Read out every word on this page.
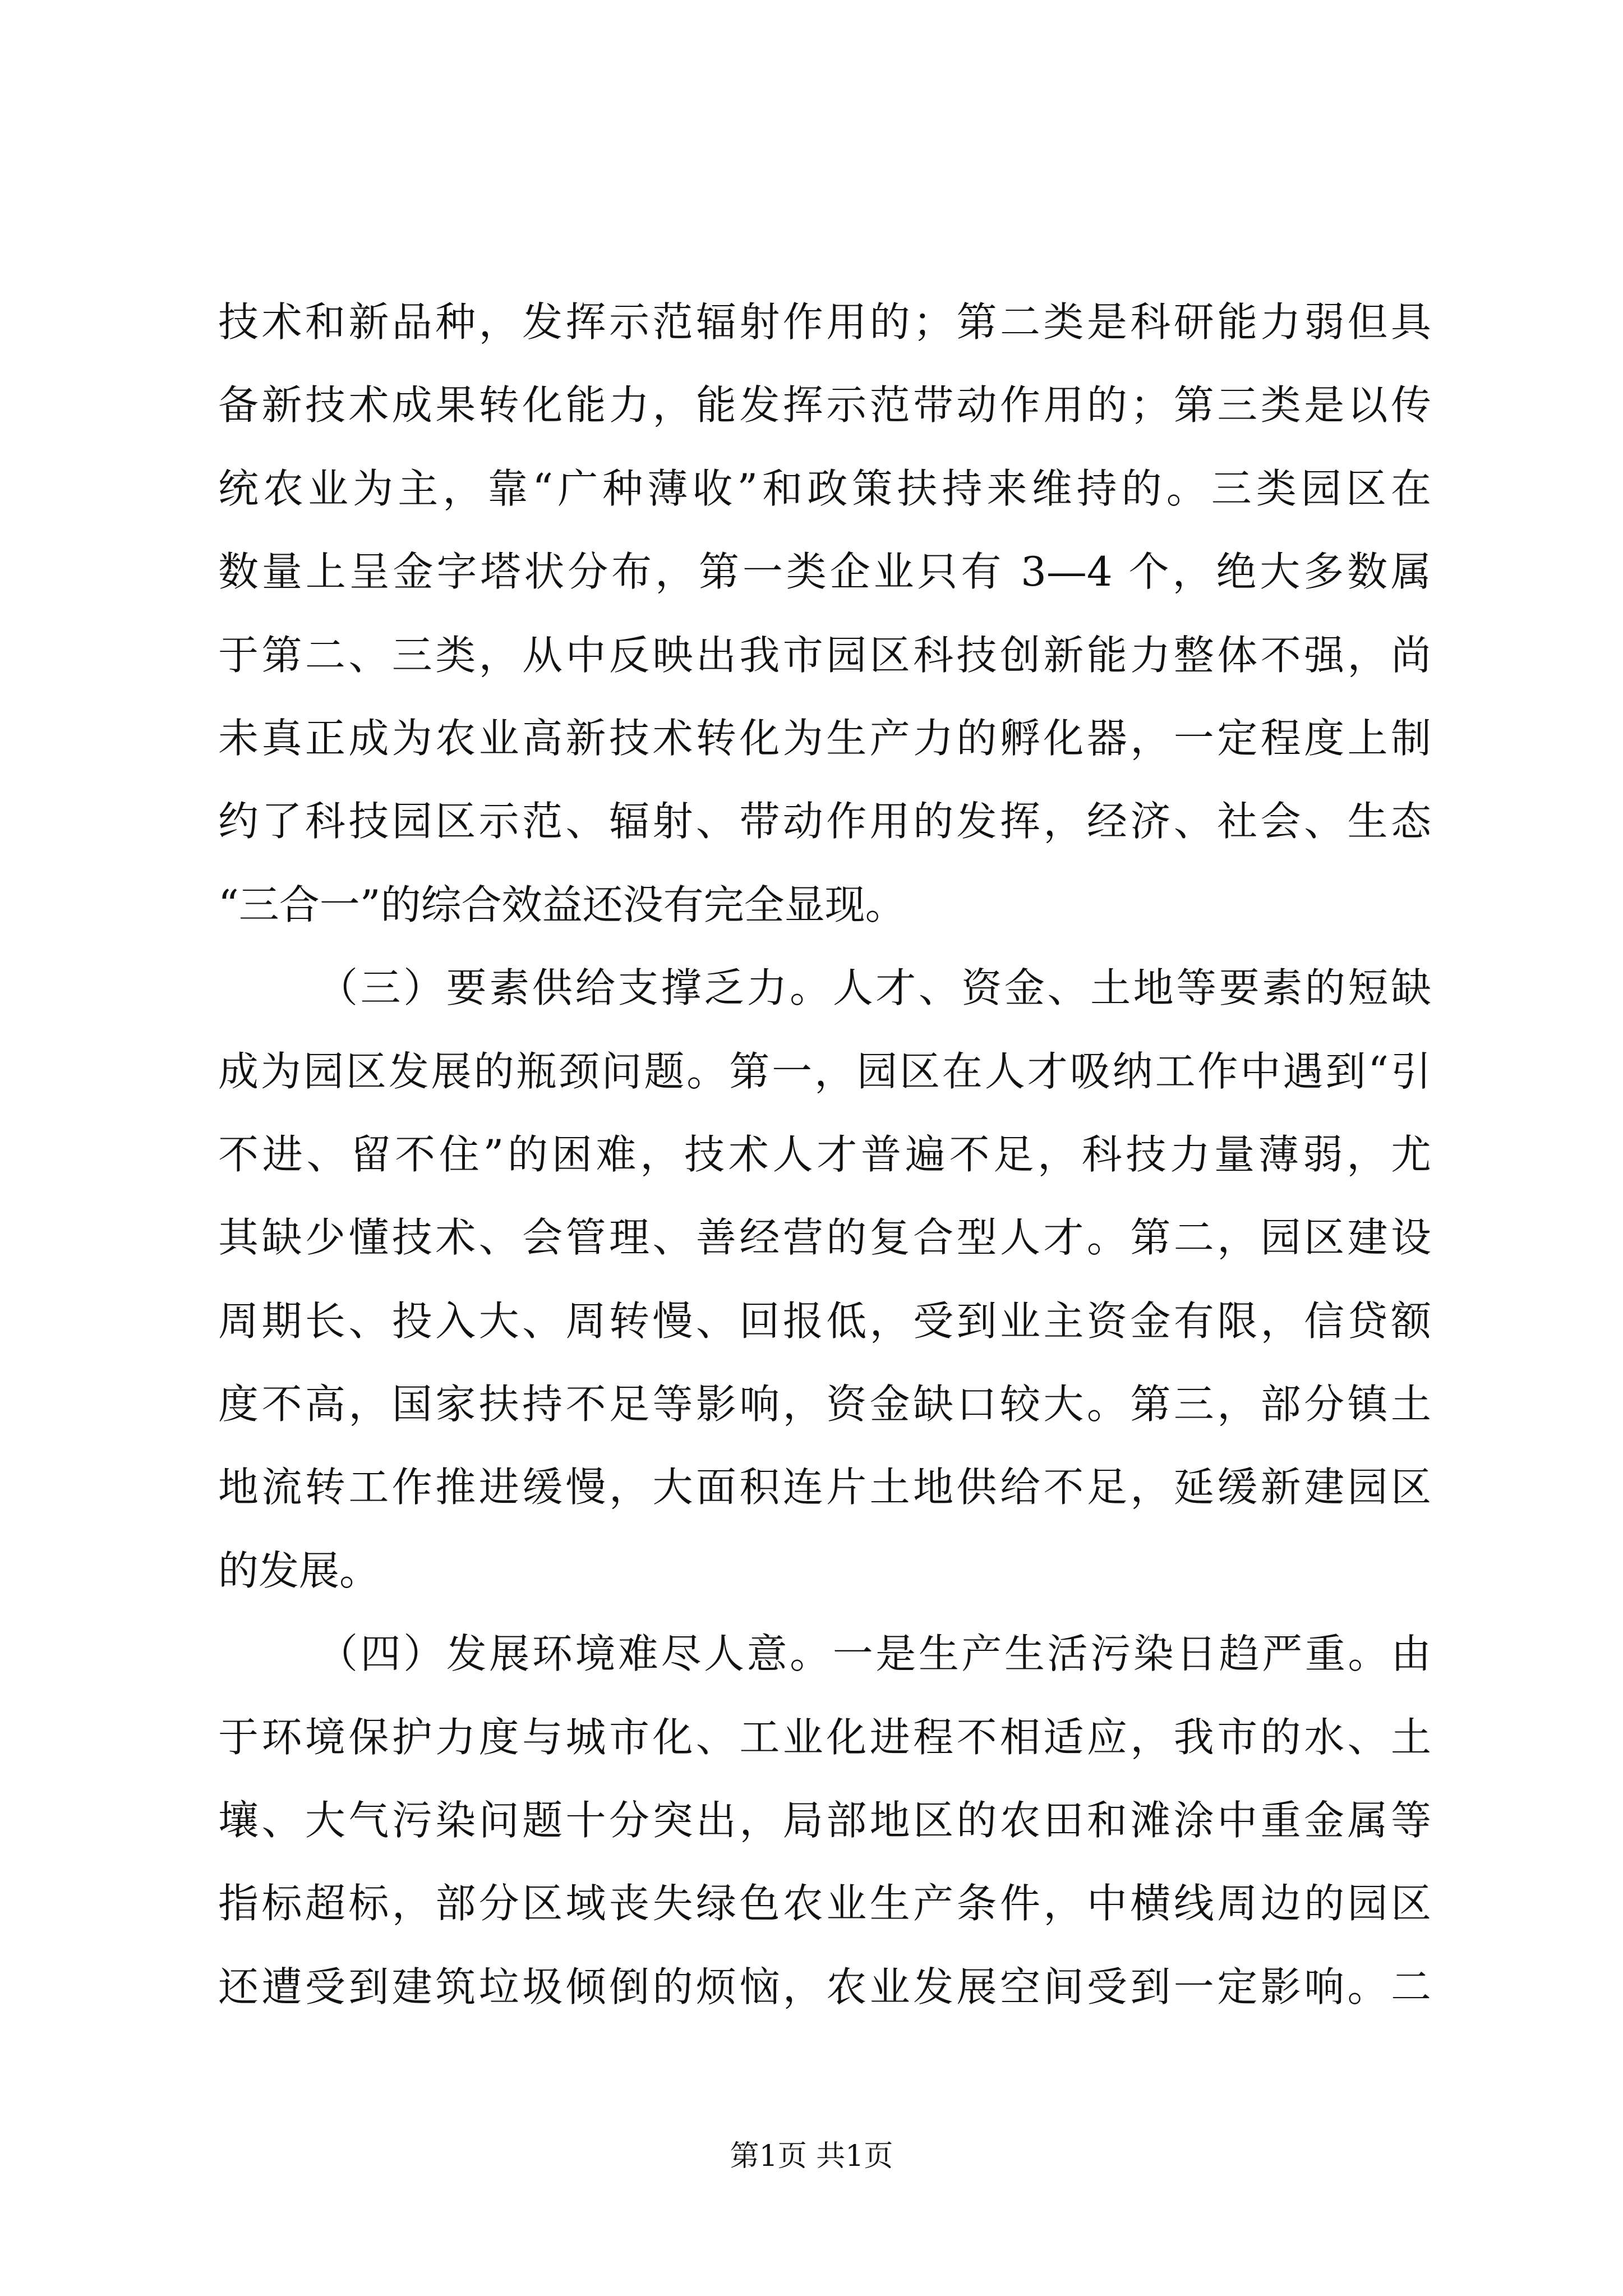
技术和新品种，发挥示范辐射作用的；第二类是科研能力弱但具
备新技术成果转化能力，能发挥示范带动作用的；第三类是以传
统农业为主，靠“广种薄收”和政策扶持来维持的。三类园区在
数量上呈金字塔状分布，第一类企业只有 3—4 个，绝大多数属
于第二、三类，从中反映出我市园区科技创新能力整体不强，尚
未真正成为农业高新技术转化为生产力的孵化器，一定程度上制
约了科技园区示范、辐射、带动作用的发挥，经济、社会、生态
“三合一”的综合效益还没有完全显现。
（三）要素供给支撑乏力。人才、资金、土地等要素的短缺
成为园区发展的瓶颈问题。第一，园区在人才吸纳工作中遇到“引
不进、留不住”的困难，技术人才普遍不足，科技力量薄弱，尤
其缺少懂技术、会管理、善经营的复合型人才。第二，园区建设
周期长、投入大、周转慢、回报低，受到业主资金有限，信贷额
度不高，国家扶持不足等影响，资金缺口较大。第三，部分镇土
地流转工作推进缓慢，大面积连片土地供给不足，延缓新建园区
的发展。
（四）发展环境难尽人意。一是生产生活污染日趋严重。由
于环境保护力度与城市化、工业化进程不相适应，我市的水、土
壤、大气污染问题十分突出，局部地区的农田和滩涂中重金属等
指标超标，部分区域丧失绿色农业生产条件，中横线周边的园区
还遭受到建筑垃圾倾倒的烦恼，农业发展空间受到一定影响。二
第1页 共1页
